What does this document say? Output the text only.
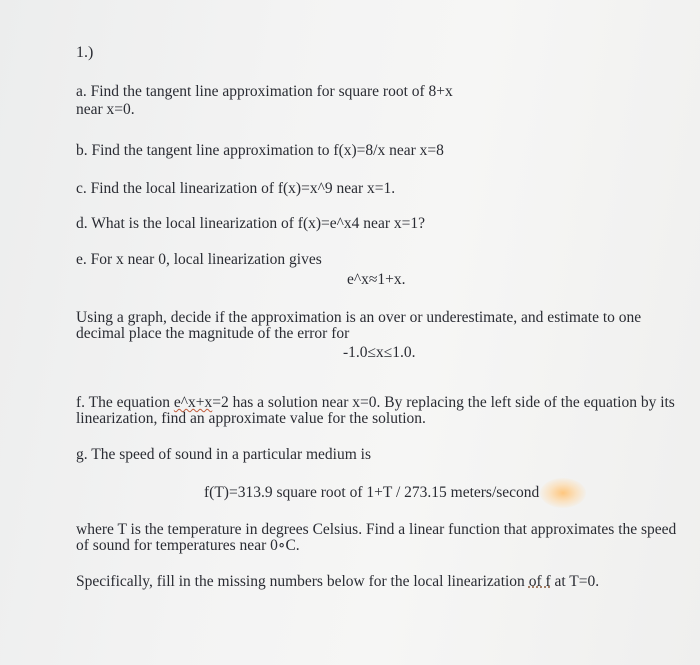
1.)
a. Find the tangent line approximation for square root of 8+x
near x=0.
b. Find the tangent line approximation to f(x)=8/x near x=8
c. Find the local linearization of f(x)=x^9 near x=1.
d. What is the local linearization of f(x)=e^x4 near x=1?
e. For x near 0, local linearization gives
e^x≈1+x.
Using a graph, decide if the approximation is an over or underestimate, and estimate to one
decimal place the magnitude of the error for
-1.0≤x≤1.0.
f. The equation e^x+x=2 has a solution near x=0. By replacing the left side of the equation by its
linearization, find an approximate value for the solution.
g. The speed of sound in a particular medium is
f(T)=313.9 square root of 1+T / 273.15 meters/second
where T is the temperature in degrees Celsius. Find a linear function that approximates the speed
of sound for temperatures near 0∘C.
Specifically, fill in the missing numbers below for the local linearization of f at T=0.
